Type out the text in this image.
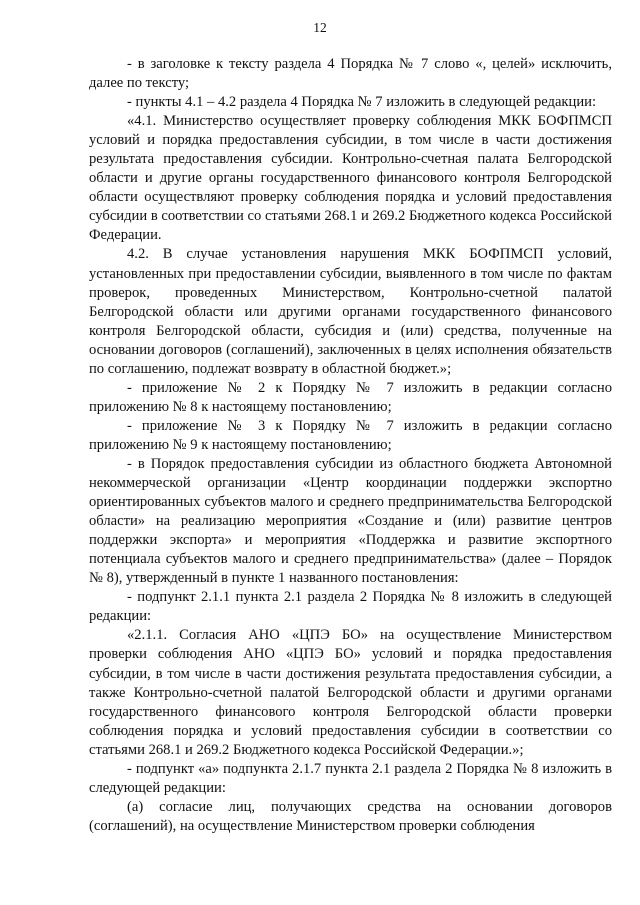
12

- в заголовке к тексту раздела 4 Порядка № 7 слово «, целей» исключить, далее по тексту;

- пункты 4.1 – 4.2 раздела 4 Порядка № 7 изложить в следующей редакции:

«4.1. Министерство осуществляет проверку соблюдения МКК БОФПМСП условий и порядка предоставления субсидии, в том числе в части достижения результата предоставления субсидии. Контрольно-счетная палата Белгородской области и другие органы государственного финансового контроля Белгородской области осуществляют проверку соблюдения порядка и условий предоставления субсидии в соответствии со статьями 268.1 и 269.2 Бюджетного кодекса Российской Федерации.

4.2. В случае установления нарушения МКК БОФПМСП условий, установленных при предоставлении субсидии, выявленного в том числе по фактам проверок, проведенных Министерством, Контрольно-счетной палатой Белгородской области или другими органами государственного финансового контроля Белгородской области, субсидия и (или) средства, полученные на основании договоров (соглашений), заключенных в целях исполнения обязательств по соглашению, подлежат возврату в областной бюджет.»;

- приложение № 2 к Порядку № 7 изложить в редакции согласно приложению № 8 к настоящему постановлению;

- приложение № 3 к Порядку № 7 изложить в редакции согласно приложению № 9 к настоящему постановлению;

- в Порядок предоставления субсидии из областного бюджета Автономной некоммерческой организации «Центр координации поддержки экспортно ориентированных субъектов малого и среднего предпринимательства Белгородской области» на реализацию мероприятия «Создание и (или) развитие центров поддержки экспорта» и мероприятия «Поддержка и развитие экспортного потенциала субъектов малого и среднего предпринимательства» (далее – Порядок № 8), утвержденный в пункте 1 названного постановления:

- подпункт 2.1.1 пункта 2.1 раздела 2 Порядка № 8 изложить в следующей редакции:

«2.1.1. Согласия АНО «ЦПЭ БО» на осуществление Министерством проверки соблюдения АНО «ЦПЭ БО» условий и порядка предоставления субсидии, в том числе в части достижения результата предоставления субсидии, а также Контрольно-счетной палатой Белгородской области и другими органами государственного финансового контроля Белгородской области проверки соблюдения порядка и условий предоставления субсидии в соответствии со статьями 268.1 и 269.2 Бюджетного кодекса Российской Федерации.»;

- подпункт «а» подпункта 2.1.7 пункта 2.1 раздела 2 Порядка № 8 изложить в следующей редакции:

(а) согласие лиц, получающих средства на основании договоров (соглашений), на осуществление Министерством проверки соблюдения
